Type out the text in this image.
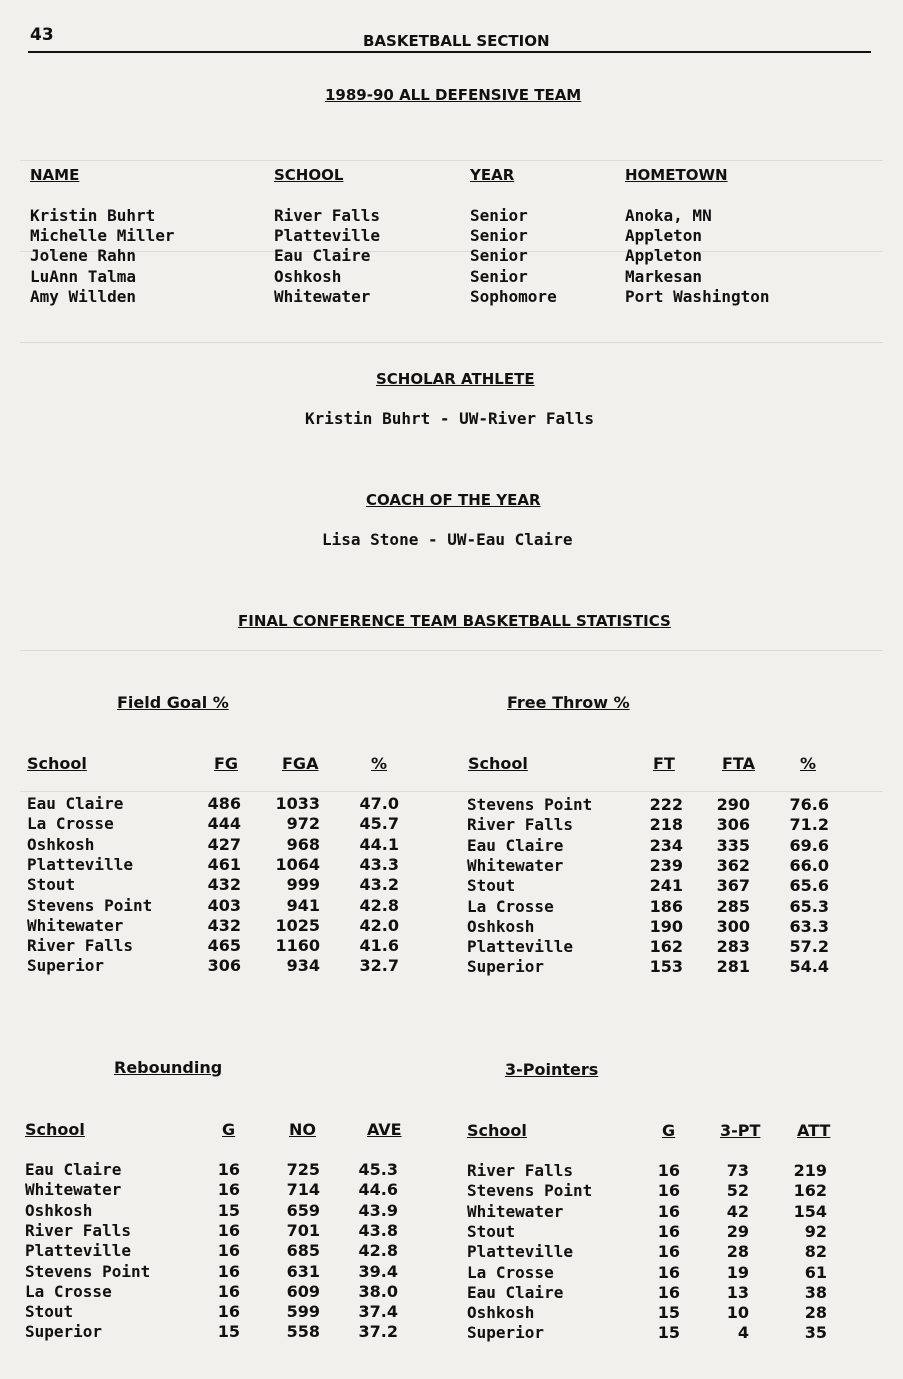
43	BASKETBALL SECTION
1989-90 ALL DEFENSIVE TEAM
NAME	SCHOOL	YEAR	HOMETOWN
Kristin Buhrt	River Falls	Senior	Anoka, MN
Michelle Miller	Platteville	Senior	Appleton
Jolene Rahn	Eau Claire	Senior	Appleton
LuAnn Talma	Oshkosh	Senior	Markesan
Amy Willden	Whitewater	Sophomore	Port Washington
SCHOLAR ATHLETE
Kristin Buhrt - UW-River Falls
COACH OF THE YEAR
Lisa Stone - UW-Eau Claire
FINAL CONFERENCE TEAM BASKETBALL STATISTICS
Field Goal %
School	FG	FGA	%
Eau Claire	486 1033 47.0
La Crosse	444	972 45.7
Oshkosh	427	968 44.1
Platteville	461 1064 43.3
Stout	432	999 43.2
Stevens Point	403	941 42.8
Whitewater	432 1025 42.0
River Falls	465 1160 41.6
Superior	306	934 32.7
Free Throw %
School	FT	FTA	%
Stevens Point	222 290 76.6
River Falls	218 306 71.2
Eau Claire	234 335 69.6
Whitewater	239 362 66.0
Stout	241 367 65.6
La Crosse	186 285 65.3
Oshkosh	190 300 63.3
Platteville	162 283 57.2
Superior	153 281 54.4
Rebounding
School	G	NO	AVE
Eau Claire	16	725 45.3
Whitewater	16	714 44.6
Oshkosh	15	659 43.9
River Falls	16	701 43.8
Platteville	16	685 42.8
Stevens Point	16	631 39.4
La Crosse	16	609 38.0
Stout	16	599 37.4
Superior	15	558 37.2
3-Pointers
School	G	3-PT ATT
River Falls	16	73	219
Stevens Point	16	52	162
Whitewater	16	42	154
Stout	16	29	92
Platteville	16	28	82
La Crosse	16	19	61
Eau Claire	16	13	38
Oshkosh	15	10	28
Superior	15	4	35
